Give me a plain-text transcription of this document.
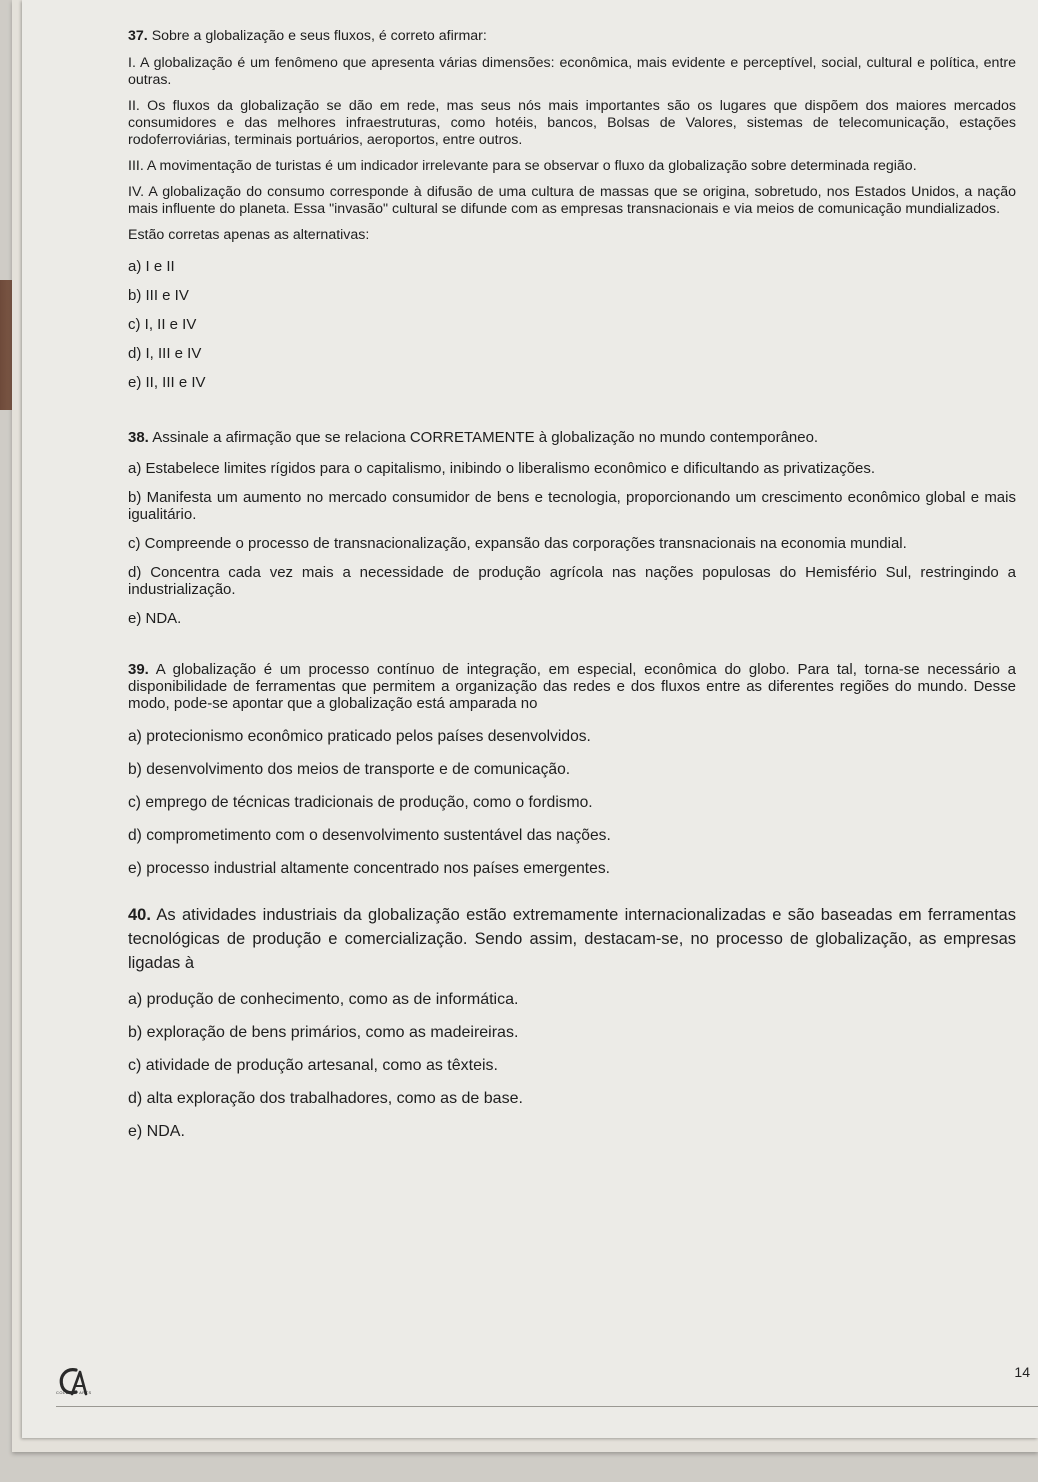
37. Sobre a globalização e seus fluxos, é correto afirmar:

I. A globalização é um fenômeno que apresenta várias dimensões: econômica, mais evidente e perceptível, social, cultural e política, entre outras.

II. Os fluxos da globalização se dão em rede, mas seus nós mais importantes são os lugares que dispõem dos maiores mercados consumidores e das melhores infraestruturas, como hotéis, bancos, Bolsas de Valores, sistemas de telecomunicação, estações rodoferroviárias, terminais portuários, aeroportos, entre outros.

III. A movimentação de turistas é um indicador irrelevante para se observar o fluxo da globalização sobre determinada região.

IV. A globalização do consumo corresponde à difusão de uma cultura de massas que se origina, sobretudo, nos Estados Unidos, a nação mais influente do planeta. Essa "invasão" cultural se difunde com as empresas transnacionais e via meios de comunicação mundializados.

Estão corretas apenas as alternativas:

a) I e II

b) III e IV

c) I, II e IV

d) I, III e IV

e) II, III e IV

38. Assinale a afirmação que se relaciona CORRETAMENTE à globalização no mundo contemporâneo.

a) Estabelece limites rígidos para o capitalismo, inibindo o liberalismo econômico e dificultando as privatizações.

b) Manifesta um aumento no mercado consumidor de bens e tecnologia, proporcionando um crescimento econômico global e mais igualitário.

c) Compreende o processo de transnacionalização, expansão das corporações transnacionais na economia mundial.

d) Concentra cada vez mais a necessidade de produção agrícola nas nações populosas do Hemisfério Sul, restringindo a industrialização.

e) NDA.

39. A globalização é um processo contínuo de integração, em especial, econômica do globo. Para tal, torna-se necessário a disponibilidade de ferramentas que permitem a organização das redes e dos fluxos entre as diferentes regiões do mundo. Desse modo, pode-se apontar que a globalização está amparada no

a) protecionismo econômico praticado pelos países desenvolvidos.

b) desenvolvimento dos meios de transporte e de comunicação.

c) emprego de técnicas tradicionais de produção, como o fordismo.

d) comprometimento com o desenvolvimento sustentável das nações.

e) processo industrial altamente concentrado nos países emergentes.

40. As atividades industriais da globalização estão extremamente internacionalizadas e são baseadas em ferramentas tecnológicas de produção e comercialização. Sendo assim, destacam-se, no processo de globalização, as empresas ligadas à

a) produção de conhecimento, como as de informática.

b) exploração de bens primários, como as madeireiras.

c) atividade de produção artesanal, como as têxteis.

d) alta exploração dos trabalhadores, como as de base.

e) NDA.

COLÉGIO ARTS
14
